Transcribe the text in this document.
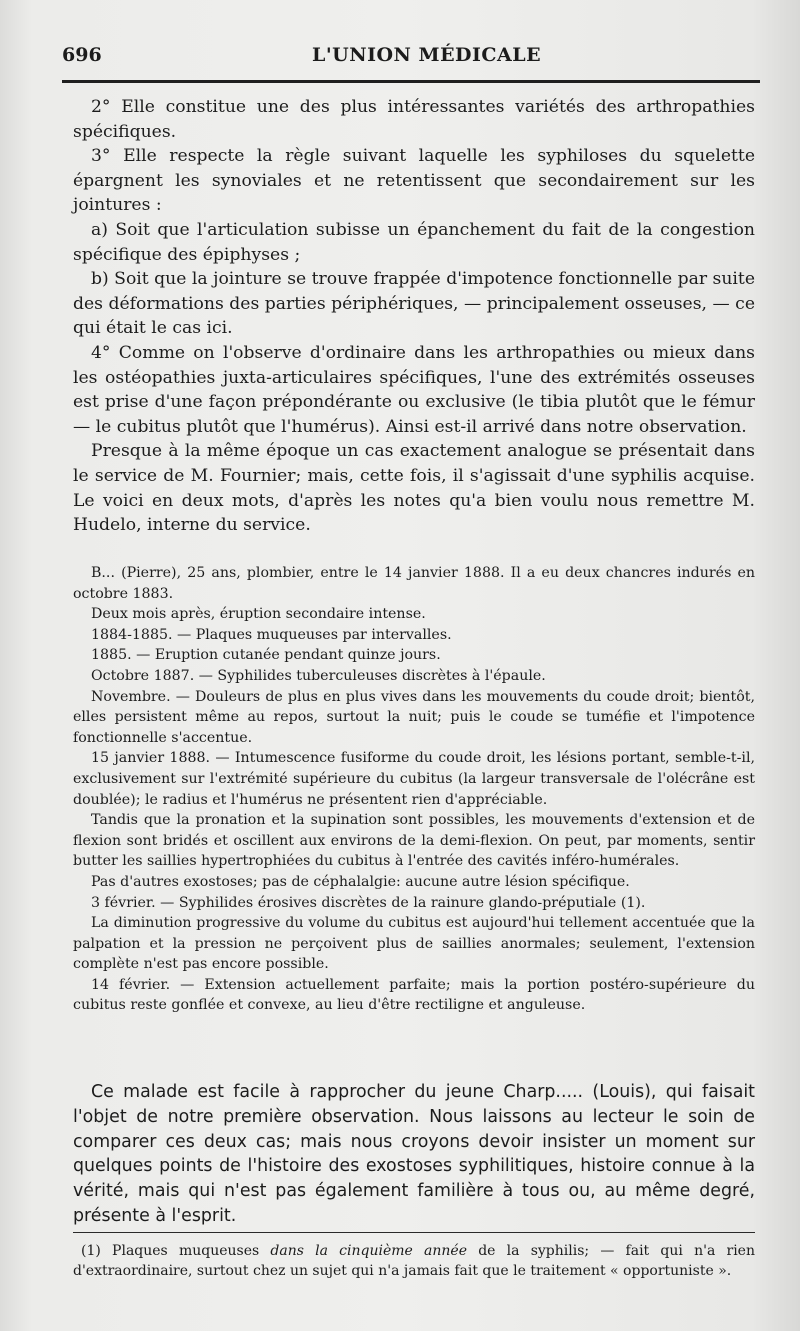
696	L'UNION MÉDICALE

2° Elle constitue une des plus intéressantes variétés des arthropathies spécifiques.

3° Elle respecte la règle suivant laquelle les syphiloses du squelette épargnent les synoviales et ne retentissent que secondairement sur les jointures :

a) Soit que l'articulation subisse un épanchement du fait de la congestion spécifique des épiphyses ;

b) Soit que la jointure se trouve frappée d'impotence fonctionnelle par suite des déformations des parties périphériques, — principalement osseuses, — ce qui était le cas ici.

4° Comme on l'observe d'ordinaire dans les arthropathies ou mieux dans les ostéopathies juxta-articulaires spécifiques, l'une des extrémités osseuses est prise d'une façon prépondérante ou exclusive (le tibia plutôt que le fémur — le cubitus plutôt que l'humérus). Ainsi est-il arrivé dans notre observation.

Presque à la même époque un cas exactement analogue se présentait dans le service de M. Fournier; mais, cette fois, il s'agissait d'une syphilis acquise. Le voici en deux mots, d'après les notes qu'a bien voulu nous remettre M. Hudelo, interne du service.

B... (Pierre), 25 ans, plombier, entre le 14 janvier 1888. Il a eu deux chancres indurés en octobre 1883.

Deux mois après, éruption secondaire intense.

1884-1885. — Plaques muqueuses par intervalles.

1885. — Eruption cutanée pendant quinze jours.

Octobre 1887. — Syphilides tuberculeuses discrètes à l'épaule.

Novembre. — Douleurs de plus en plus vives dans les mouvements du coude droit; bientôt, elles persistent même au repos, surtout la nuit; puis le coude se tuméfie et l'impotence fonctionnelle s'accentue.

15 janvier 1888. — Intumescence fusiforme du coude droit, les lésions portant, semble-t-il, exclusivement sur l'extrémité supérieure du cubitus (la largeur transversale de l'olécrâne est doublée); le radius et l'humérus ne présentent rien d'appréciable.

Tandis que la pronation et la supination sont possibles, les mouvements d'extension et de flexion sont bridés et oscillent aux environs de la demi-flexion. On peut, par moments, sentir butter les saillies hypertrophiées du cubitus à l'entrée des cavités inféro-humérales.

Pas d'autres exostoses; pas de céphalalgie: aucune autre lésion spécifique.

3 février. — Syphilides érosives discrètes de la rainure glando-préputiale (1).

La diminution progressive du volume du cubitus est aujourd'hui tellement accentuée que la palpation et la pression ne perçoivent plus de saillies anormales; seulement, l'extension complète n'est pas encore possible.

14 février. — Extension actuellement parfaite; mais la portion postéro-supérieure du cubitus reste gonflée et convexe, au lieu d'être rectiligne et anguleuse.

Ce malade est facile à rapprocher du jeune Charp..... (Louis), qui faisait l'objet de notre première observation. Nous laissons au lecteur le soin de comparer ces deux cas; mais nous croyons devoir insister un moment sur quelques points de l'histoire des exostoses syphilitiques, histoire connue à la vérité, mais qui n'est pas également familière à tous ou, au même degré, présente à l'esprit.

(1) Plaques muqueuses dans la cinquième année de la syphilis; — fait qui n'a rien d'extraordinaire, surtout chez un sujet qui n'a jamais fait que le traitement « opportuniste ».
